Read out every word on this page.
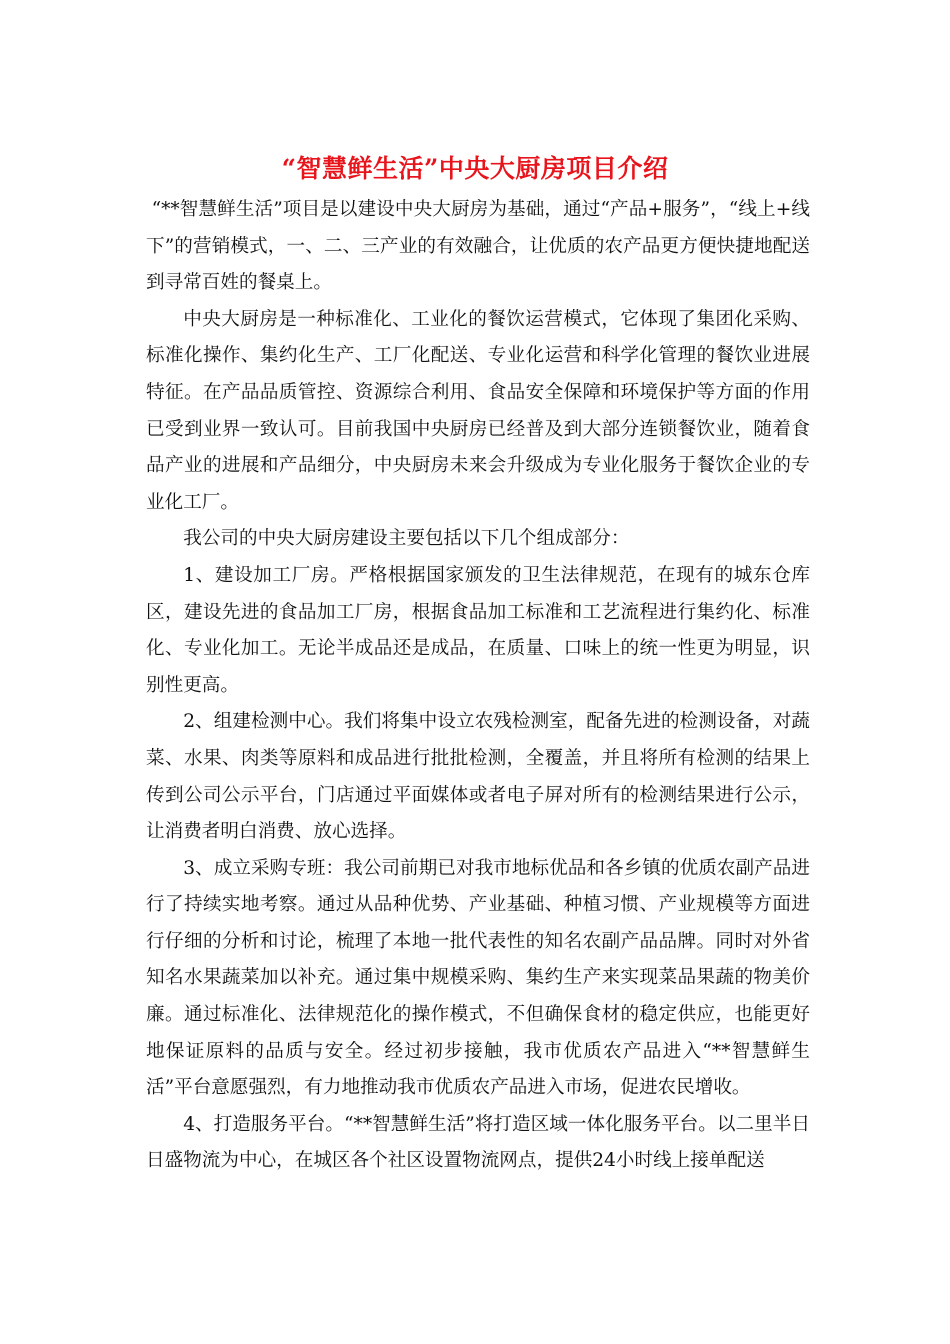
“智慧鲜生活”中央大厨房项目介绍

“**智慧鲜生活”项目是以建设中央大厨房为基础，通过“产品+服务”，“线上+线下”的营销模式，一、二、三产业的有效融合，让优质的农产品更方便快捷地配送到寻常百姓的餐桌上。

中央大厨房是一种标准化、工业化的餐饮运营模式，它体现了集团化采购、标准化操作、集约化生产、工厂化配送、专业化运营和科学化管理的餐饮业进展特征。在产品品质管控、资源综合利用、食品安全保障和环境保护等方面的作用已受到业界一致认可。目前我国中央厨房已经普及到大部分连锁餐饮业，随着食品产业的进展和产品细分，中央厨房未来会升级成为专业化服务于餐饮企业的专业化工厂。

我公司的中央大厨房建设主要包括以下几个组成部分：

1、建设加工厂房。严格根据国家颁发的卫生法律规范，在现有的城东仓库区，建设先进的食品加工厂房，根据食品加工标准和工艺流程进行集约化、标准化、专业化加工。无论半成品还是成品，在质量、口味上的统一性更为明显，识别性更高。

2、组建检测中心。我们将集中设立农残检测室，配备先进的检测设备，对蔬菜、水果、肉类等原料和成品进行批批检测，全覆盖，并且将所有检测的结果上传到公司公示平台，门店通过平面媒体或者电子屏对所有的检测结果进行公示，让消费者明白消费、放心选择。

3、成立采购专班：我公司前期已对我市地标优品和各乡镇的优质农副产品进行了持续实地考察。通过从品种优势、产业基础、种植习惯、产业规模等方面进行仔细的分析和讨论，梳理了本地一批代表性的知名农副产品品牌。同时对外省知名水果蔬菜加以补充。通过集中规模采购、集约生产来实现菜品果蔬的物美价廉。通过标准化、法律规范化的操作模式，不但确保食材的稳定供应，也能更好地保证原料的品质与安全。经过初步接触，我市优质农产品进入“**智慧鲜生活”平台意愿强烈，有力地推动我市优质农产品进入市场，促进农民增收。

4、打造服务平台。“**智慧鲜生活”将打造区域一体化服务平台。以二里半日日盛物流为中心，在城区各个社区设置物流网点，提供24小时线上接单配送
